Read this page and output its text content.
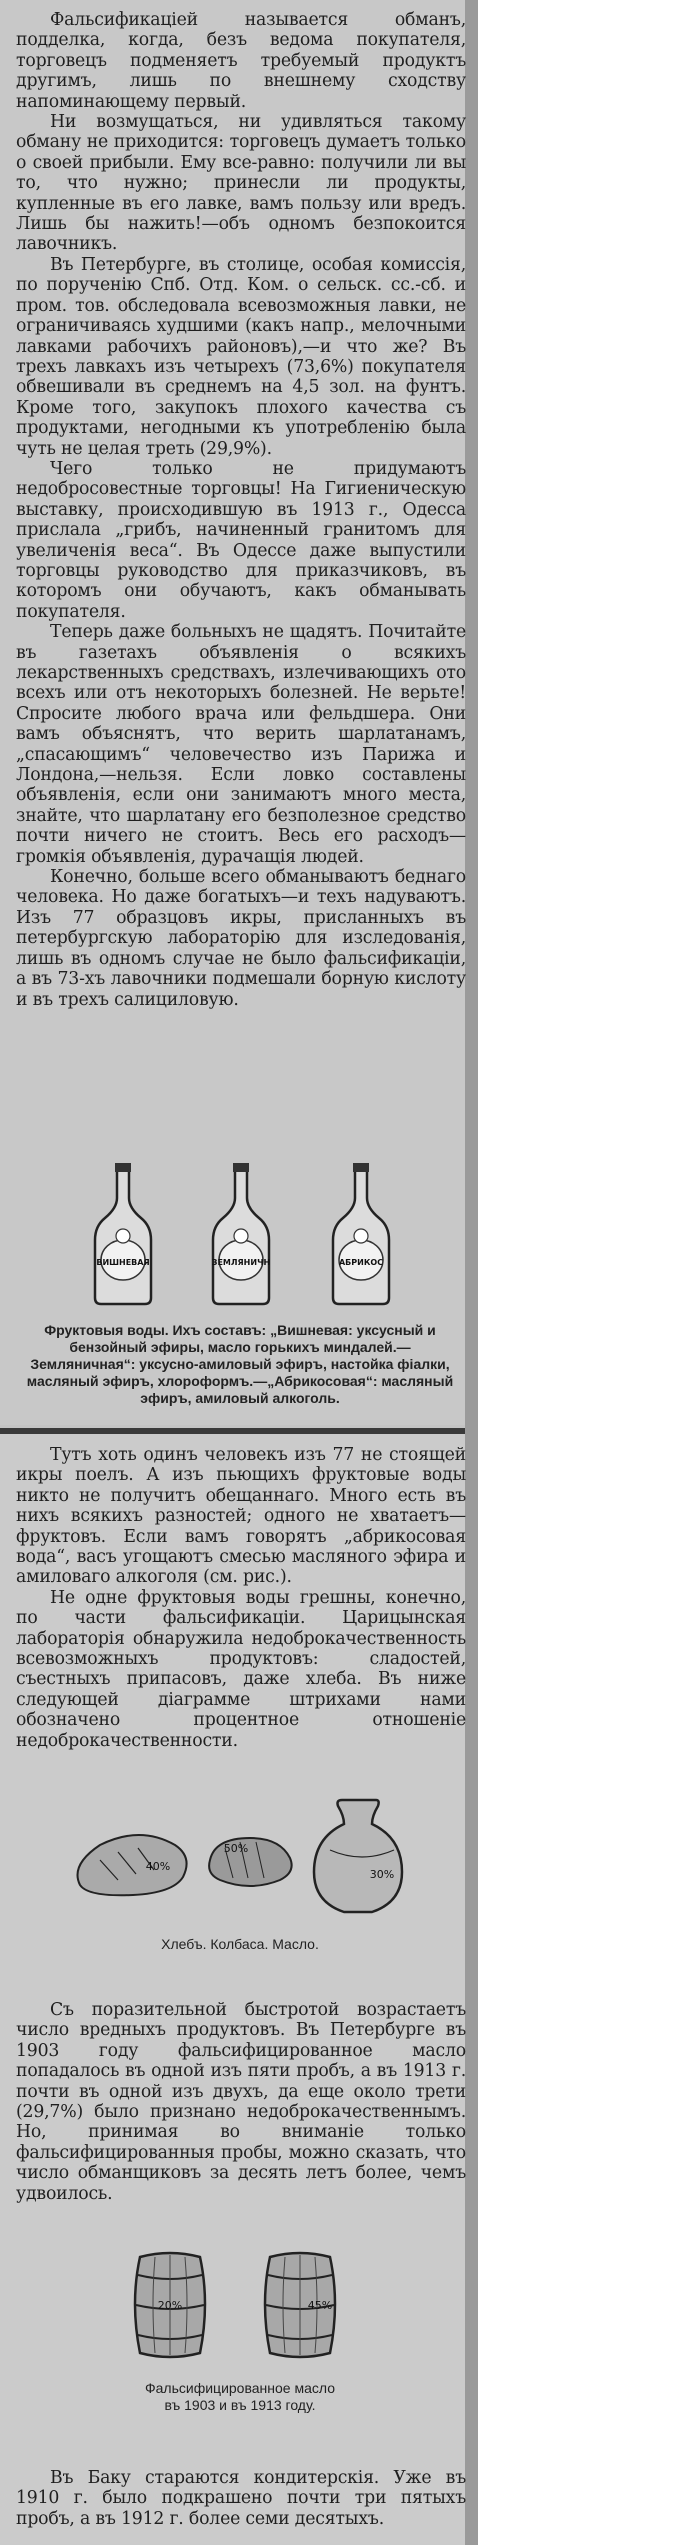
Фальсификацiей называется обманъ, подделка, когда, безъ ведома покупателя, торговецъ подменяетъ требуемый продуктъ другимъ, лишь по внешнему сходству напоминающему первый.

Ни возмущаться, ни удивляться такому обману не приходится: торговецъ думаетъ только о своей прибыли. Ему все-равно: получили ли вы то, что нужно; принесли ли продукты, купленные въ его лавке, вамъ пользу или вредъ. Лишь бы нажить!—объ одномъ безпокоится лавочникъ.

Въ Петербурге, въ столице, особая комиссiя, по порученiю Спб. Отд. Ком. о сельск. сс.-сб. и пром. тов. обследовала всевозможныя лавки, не ограничиваясь худшими (какъ напр., мелочными лавками рабочихъ районовъ),—и что же? Въ трехъ лавкахъ изъ четырехъ (73,6%) покупателя обвешивали въ среднемъ на 4,5 зол. на фунтъ. Кроме того, закупокъ плохого качества съ продуктами, негодными къ употребленiю была чуть не целая треть (29,9%).

Чего только не придумаютъ недобросовестные торговцы! На Гигиеническую выставку, происходившую въ 1913 г., Одесса прислала „грибъ, начиненный гранитомъ для увеличенiя веса“. Въ Одессе даже выпустили торговцы руководство для приказчиковъ, въ которомъ они обучаютъ, какъ обманывать покупателя.

Теперь даже больныхъ не щадятъ. Почитайте въ газетахъ объявленiя о всякихъ лекарственныхъ средствахъ, излечивающихъ ото всехъ или отъ некоторыхъ болезней. Не верьте! Спросите любого врача или фельдшера. Они вамъ объяснятъ, что верить шарлатанамъ, „спасающимъ“ человечество изъ Парижа и Лондона,—нельзя. Если ловко составлены объявленiя, если они занимаютъ много места, знайте, что шарлатану его безполезное средство почти ничего не стоитъ. Весь его расходъ—громкiя объявленiя, дурачащiя людей.

Конечно, больше всего обманываютъ беднаго человека. Но даже богатыхъ—и техъ надуваютъ. Изъ 77 образцовъ икры, присланныхъ въ петербургскую лабораторiю для изследованiя, лишь въ одномъ случае не было фальсификацiи, а въ 73-хъ лавочники подмешали борную кислоту и въ трехъ салициловую.

ВИШНЕВАЯ	ЗЕМЛЯНИЧН	АБРИКОС
Фруктовыя воды. Ихъ составъ: „Вишневая: уксусный и бензойный эфиры, масло горькихъ миндалей.—Земляничная“: уксусно-амиловый эфиръ, настойка фiалки, масляный эфиръ, хлороформъ.—„Абрикосовая“: масляный эфиръ, амиловый алкоголь.

Тутъ хоть одинъ человекъ изъ 77 не стоящей икры поелъ. А изъ пьющихъ фруктовые воды никто не получитъ обещаннаго. Много есть въ нихъ всякихъ разностей; одного не хватаетъ—фруктовъ. Если вамъ говорятъ „абрикосовая вода“, васъ угощаютъ смесью масляного эфира и амиловаго алкоголя (см. рис.).

Не одне фруктовыя воды грешны, конечно, по части фальсификацiи. Царицынская лабораторiя обнаружила недоброкачественность всевозможныхъ продуктовъ: сладостей, съестныхъ припасовъ, даже хлеба. Въ ниже следующей дiаграмме штрихами нами обозначено процентное отношенiе недоброкачественности.

40%
50%
30%
Хлебъ. Колбаса. Масло.

Съ поразительной быстротой возрастаетъ число вредныхъ продуктовъ. Въ Петербурге въ 1903 году фальсифицированное масло попадалось въ одной изъ пяти пробъ, а въ 1913 г. почти въ одной изъ двухъ, да еще около трети (29,7%) было признано недоброкачественнымъ. Но, принимая во вниманiе только фальсифицированныя пробы, можно сказать, что число обманщиковъ за десять летъ более, чемъ удвоилось.

20%	45%
Фальсифицированное масло
въ 1903 и въ 1913 году.

Въ Баку стараются кондитерскiя. Уже въ 1910 г. было подкрашено почти три пятыхъ пробъ, а въ 1912 г. более семи десятыхъ.
